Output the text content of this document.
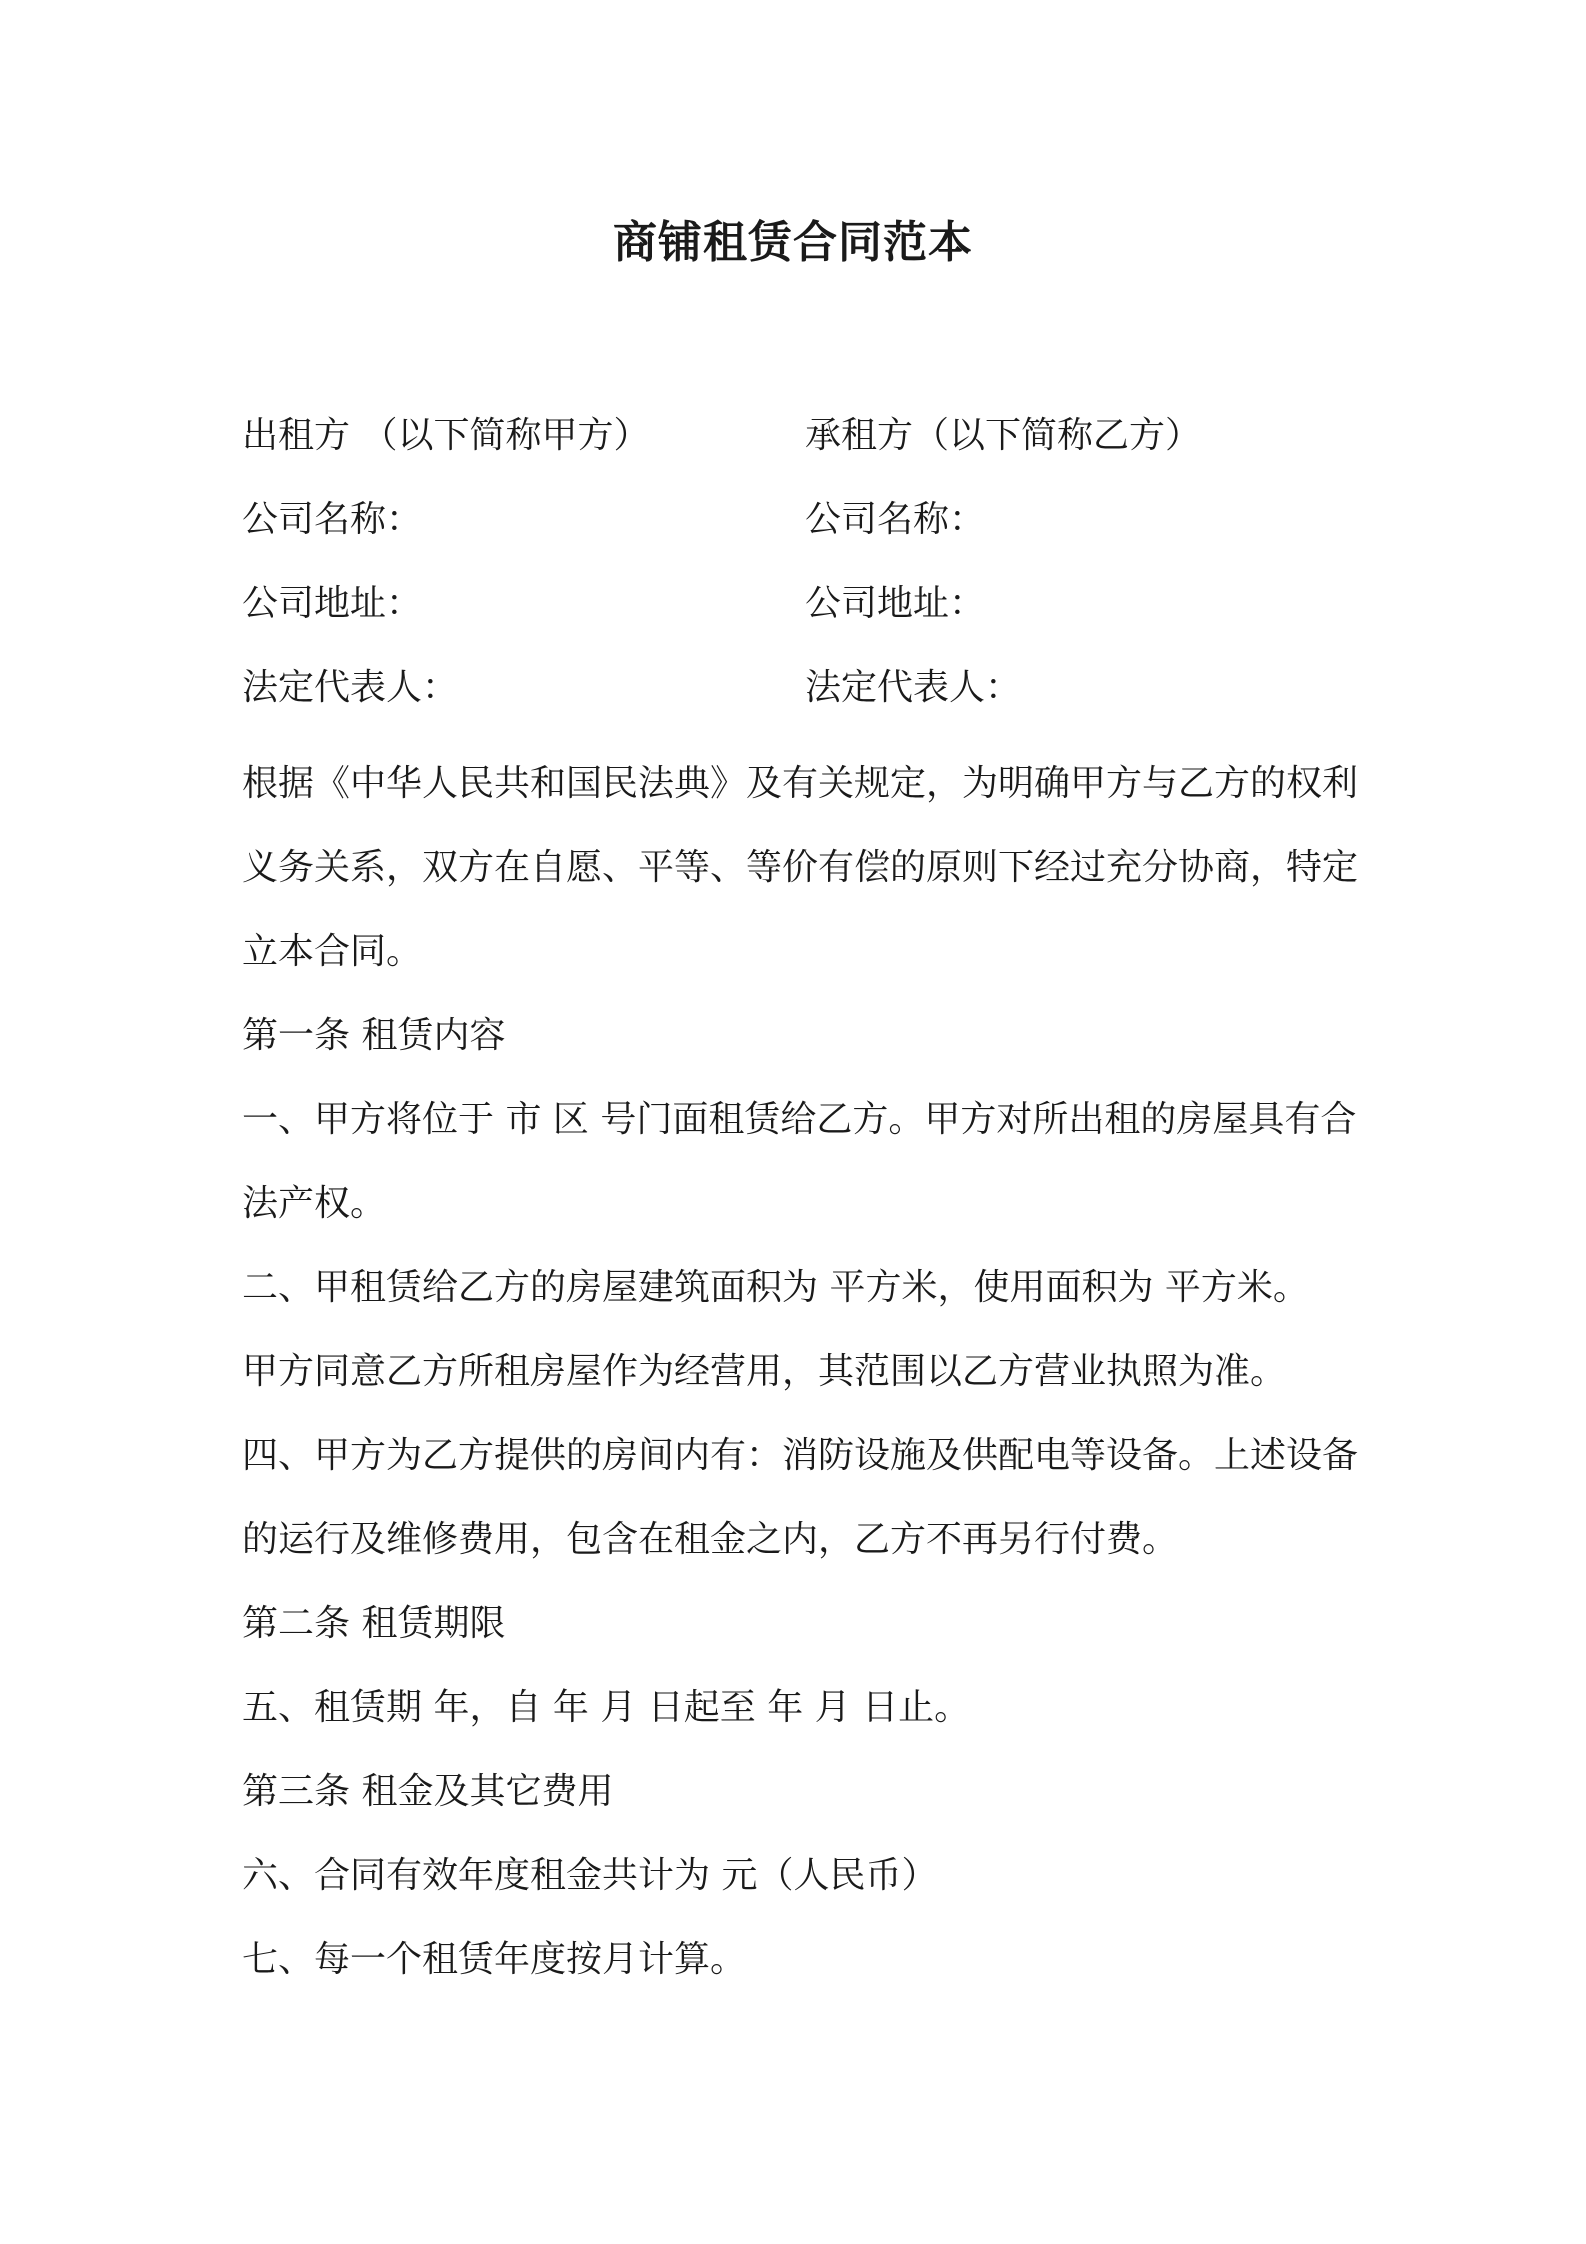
商铺租赁合同范本
出租方 （以下简称甲方）	承租方（以下简称乙方）
公司名称：	公司名称：
公司地址：	公司地址：
法定代表人：	法定代表人：

根据《中华人民共和国民法典》及有关规定，为明确甲方与乙方的权利义务关系，双方在自愿、平等、等价有偿的原则下经过充分协商，特定立本合同。

第一条 租赁内容

一、甲方将位于 市 区 号门面租赁给乙方。甲方对所出租的房屋具有合法产权。

二、甲租赁给乙方的房屋建筑面积为 平方米，使用面积为 平方米。

甲方同意乙方所租房屋作为经营用，其范围以乙方营业执照为准。

四、甲方为乙方提供的房间内有：消防设施及供配电等设备。上述设备的运行及维修费用，包含在租金之内，乙方不再另行付费。

第二条 租赁期限

五、租赁期 年，自 年 月 日起至 年 月 日止。

第三条 租金及其它费用

六、合同有效年度租金共计为 元（人民币）

七、每一个租赁年度按月计算。
